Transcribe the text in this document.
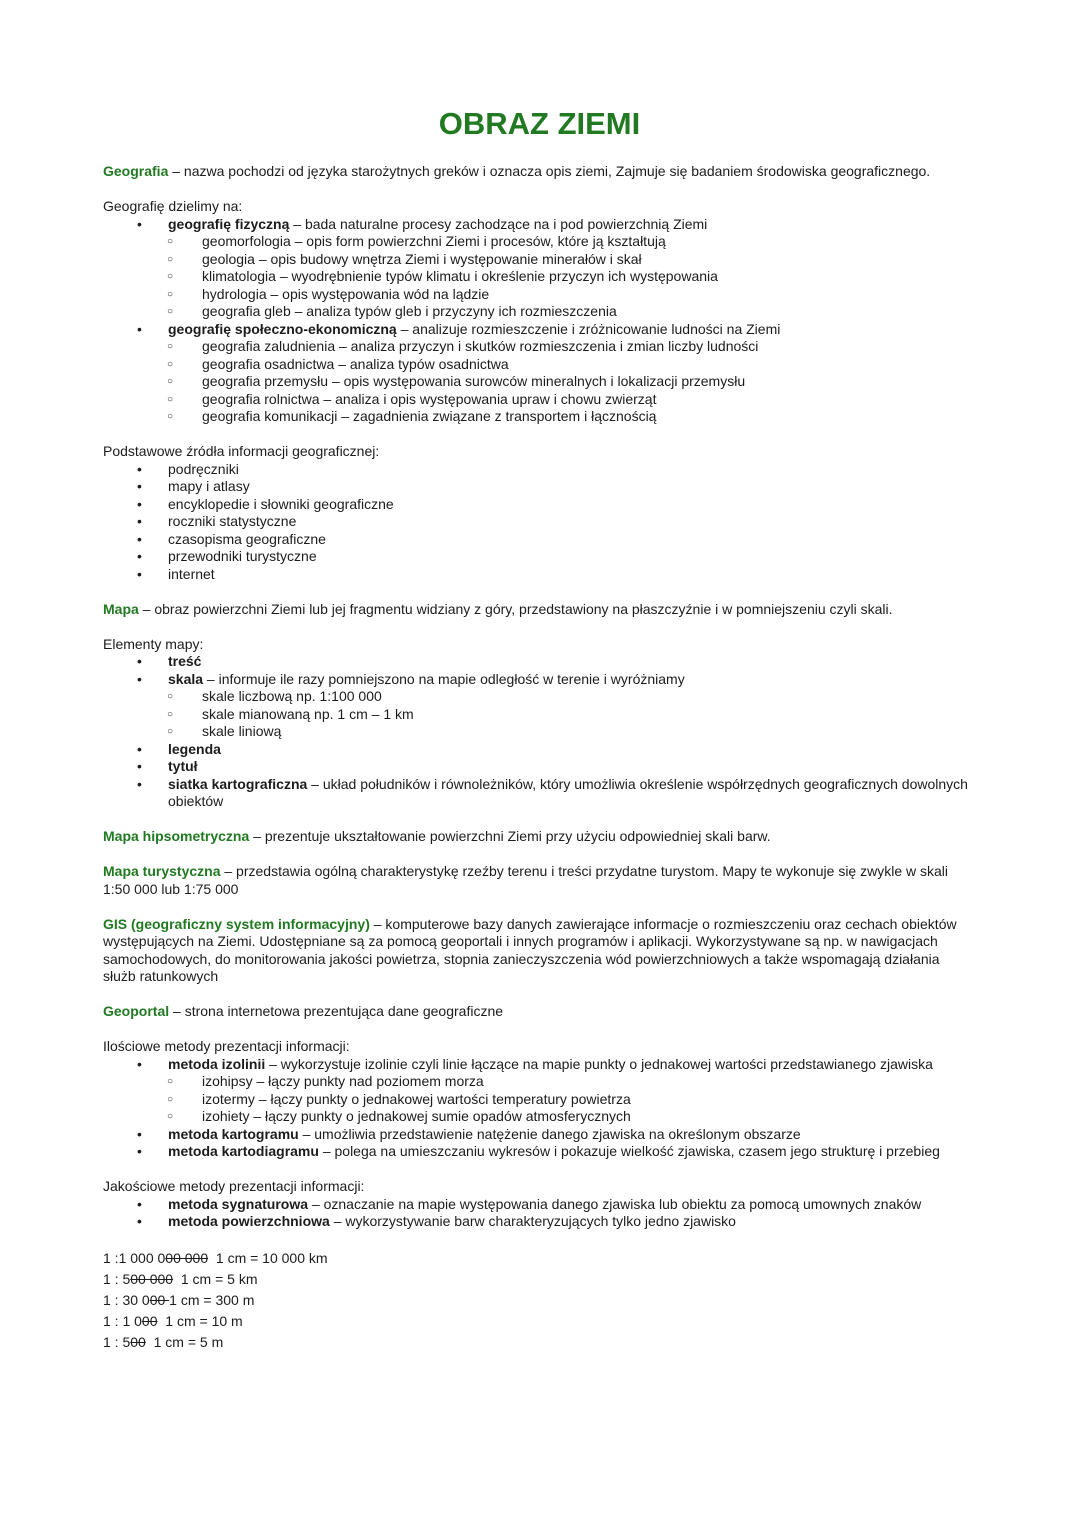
OBRAZ ZIEMI

Geografia – nazwa pochodzi od języka starożytnych greków i oznacza opis ziemi, Zajmuje się badaniem środowiska geograficznego.

Geografię dzielimy na:

•	geografię fizyczną – bada naturalne procesy zachodzące na i pod powierzchnią Ziemi
○	geomorfologia – opis form powierzchni Ziemi i procesów, które ją kształtują
○	geologia – opis budowy wnętrza Ziemi i występowanie minerałów i skał
○	klimatologia – wyodrębnienie typów klimatu i określenie przyczyn ich występowania
○	hydrologia – opis występowania wód na lądzie
○	geografia gleb – analiza typów gleb i przyczyny ich rozmieszczenia
•	geografię społeczno-ekonomiczną – analizuje rozmieszczenie i zróżnicowanie ludności na Ziemi
○	geografia zaludnienia – analiza przyczyn i skutków rozmieszczenia i zmian liczby ludności
○	geografia osadnictwa – analiza typów osadnictwa
○	geografia przemysłu – opis występowania surowców mineralnych i lokalizacji przemysłu
○	geografia rolnictwa – analiza i opis występowania upraw i chowu zwierząt
○	geografia komunikacji – zagadnienia związane z transportem i łącznością

Podstawowe źródła informacji geograficznej:

•	podręczniki
•	mapy i atlasy
•	encyklopedie i słowniki geograficzne
•	roczniki statystyczne
•	czasopisma geograficzne
•	przewodniki turystyczne
•	internet

Mapa – obraz powierzchni Ziemi lub jej fragmentu widziany z góry, przedstawiony na płaszczyźnie i w pomniejszeniu czyli skali.

Elementy mapy:

•	treść
•	skala – informuje ile razy pomniejszono na mapie odległość w terenie i wyróżniamy
○	skale liczbową np. 1:100 000
○	skale mianowaną np. 1 cm – 1 km
○	skale liniową
•	legenda
•	tytuł
•	siatka kartograficzna – układ południków i równoleżników, który umożliwia określenie współrzędnych geograficznych dowolnych obiektów

Mapa hipsometryczna – prezentuje ukształtowanie powierzchni Ziemi przy użyciu odpowiedniej skali barw.

Mapa turystyczna – przedstawia ogólną charakterystykę rzeźby terenu i treści przydatne turystom. Mapy te wykonuje się zwykle w skali 1:50 000 lub 1:75 000

GIS (geograficzny system informacyjny) – komputerowe bazy danych zawierające informacje o rozmieszczeniu oraz cechach obiektów występujących na Ziemi. Udostępniane są za pomocą geoportali i innych programów i aplikacji. Wykorzystywane są np. w nawigacjach samochodowych, do monitorowania jakości powietrza, stopnia zanieczyszczenia wód powierzchniowych a także wspomagają działania służb ratunkowych

Geoportal – strona internetowa prezentująca dane geograficzne

Ilościowe metody prezentacji informacji:

•	metoda izolinii – wykorzystuje izolinie czyli linie łączące na mapie punkty o jednakowej wartości przedstawianego zjawiska
○	izohipsy – łączy punkty nad poziomem morza
○	izotermy – łączy punkty o jednakowej wartości temperatury powietrza
○	izohiety – łączy punkty o jednakowej sumie opadów atmosferycznych
•	metoda kartogramu – umożliwia przedstawienie natężenie danego zjawiska na określonym obszarze
•	metoda kartodiagramu – polega na umieszczaniu wykresów i pokazuje wielkość zjawiska, czasem jego strukturę i przebieg

Jakościowe metody prezentacji informacji:

•	metoda sygnaturowa – oznaczanie na mapie występowania danego zjawiska lub obiektu za pomocą umownych znaków
•	metoda powierzchniowa – wykorzystywanie barw charakteryzujących tylko jedno zjawisko
1 :1 000 000 000  1 cm = 10 000 km
1 : 500 000  1 cm = 5 km
1 : 30 000 1 cm = 300 m
1 : 1 000  1 cm = 10 m
1 : 500  1 cm = 5 m
